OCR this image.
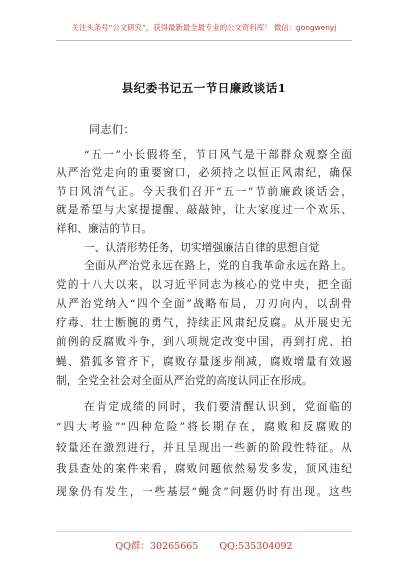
关注头条号“公文研究”，获得最新最全最专业的公文资料库！ 微信：gongwenyj
县纪委书记五一节日廉政谈话1
同志们：
“五一”小长假将至，节日风气是干部群众观察全面
从严治党走向的重要窗口，必须持之以恒正风肃纪，确保
节日风清气正。今天我们召开“五一”节前廉政谈话会，
就是希望与大家提提醒、敲敲钟，让大家度过一个欢乐、
祥和、廉洁的节日。
一、认清形势任务，切实增强廉洁自律的思想自觉
全面从严治党永远在路上，党的自我革命永远在路上。
党的十八大以来，以习近平同志为核心的党中央，把全面
从严治党纳入“四个全面”战略布局，刀刃向内，以刮骨
疗毒、壮士断腕的勇气，持续正风肃纪反腐。从开展史无
前例的反腐败斗争，到八项规定改变中国，再到打虎、拍
蝇、猎狐多管齐下，腐败存量逐步削减，腐败增量有效遏
制，全党全社会对全面从严治党的高度认同正在形成。
在肯定成绩的同时，我们要清醒认识到，党面临的
“四大考验”“四种危险”将长期存在，腐败和反腐败的
较量还在激烈进行，并且呈现出一些新的阶段性特征。从
我县查处的案件来看，腐败问题依然易发多发，顶风违纪
现象仍有发生，一些基层“蝇贪”问题仍时有出现。这些
QQ群：30265665 QQ:535304092
